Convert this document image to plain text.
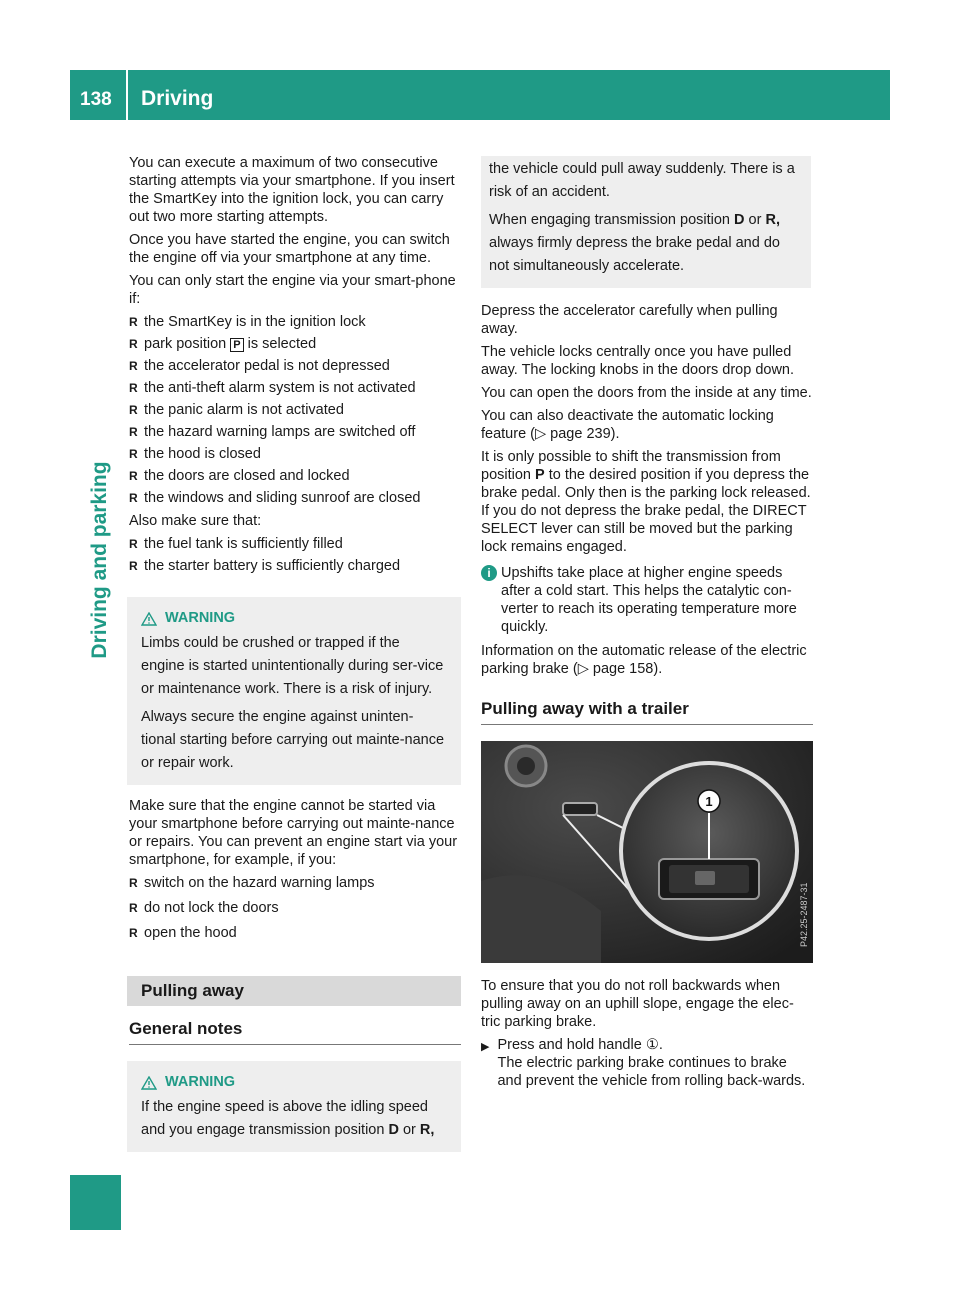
138 Driving
Driving and parking

You can execute a maximum of two consecutive starting attempts via your smartphone. If you insert the SmartKey into the ignition lock, you can carry out two more starting attempts.

Once you have started the engine, you can switch the engine off via your smartphone at any time.

You can only start the engine via your smart-phone if:

R the SmartKey is in the ignition lock
R park position P is selected
R the accelerator pedal is not depressed
R the anti-theft alarm system is not activated
R the panic alarm is not activated
R the hazard warning lamps are switched off
R the hood is closed
R the doors are closed and locked
R the windows and sliding sunroof are closed

Also make sure that:

R the fuel tank is sufficiently filled
R the starter battery is sufficiently charged
WARNING

Limbs could be crushed or trapped if the engine is started unintentionally during ser-vice or maintenance work. There is a risk of injury.

Always secure the engine against uninten-tional starting before carrying out mainte-nance or repair work.

Make sure that the engine cannot be started via your smartphone before carrying out mainte-nance or repairs. You can prevent an engine start via your smartphone, for example, if you:

R switch on the hazard warning lamps
R do not lock the doors
R open the hood
Pulling away
General notes
WARNING

If the engine speed is above the idling speed and you engage transmission position D or R,

the vehicle could pull away suddenly. There is a risk of an accident.

When engaging transmission position D or R, always firmly depress the brake pedal and do not simultaneously accelerate.

Depress the accelerator carefully when pulling away.

The vehicle locks centrally once you have pulled away. The locking knobs in the doors drop down.

You can open the doors from the inside at any time.

You can also deactivate the automatic locking feature (▷ page 239).

It is only possible to shift the transmission from position P to the desired position if you depress the brake pedal. Only then is the parking lock released. If you do not depress the brake pedal, the DIRECT SELECT lever can still be moved but the parking lock remains engaged.

i Upshifts take place at higher engine speeds after a cold start. This helps the catalytic con-verter to reach its operating temperature more quickly.

Information on the automatic release of the electric parking brake (▷ page 158).

Pulling away with a trailer
1
P42.25-2487-31

To ensure that you do not roll backwards when pulling away on an uphill slope, engage the elec-tric parking brake.

▶ Press and hold handle ①.
The electric parking brake continues to brake and prevent the vehicle from rolling back-wards.
